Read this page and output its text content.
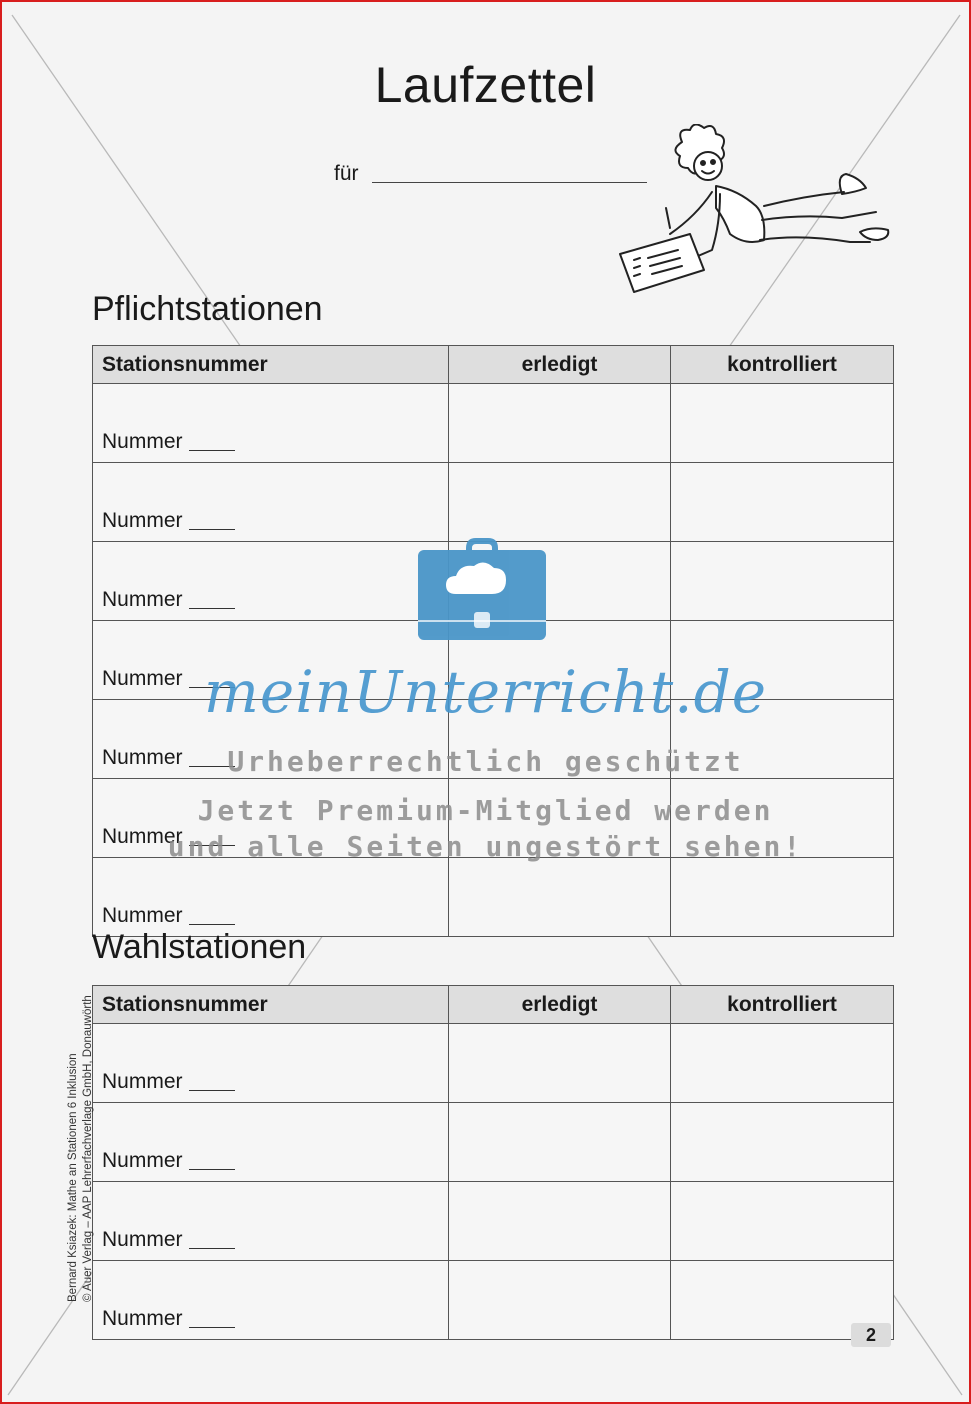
Laufzettel
für
Pflichtstationen
Stationsnummer	erledigt	kontrolliert
Nummer		
Nummer		
Nummer		
Nummer		
Nummer		
Nummer		
Nummer		
Wahlstationen
Stationsnummer	erledigt	kontrolliert
Nummer		
Nummer		
Nummer		
Nummer		
Bernard Ksiazek: Mathe an Stationen 6 Inklusion © Auer Verlag – AAP Lehrerfachverlage GmbH, Donauwörth
2
meinUnterricht.de
Urheberrechtlich geschützt
Jetzt Premium-Mitglied werden
und alle Seiten ungestört sehen!
